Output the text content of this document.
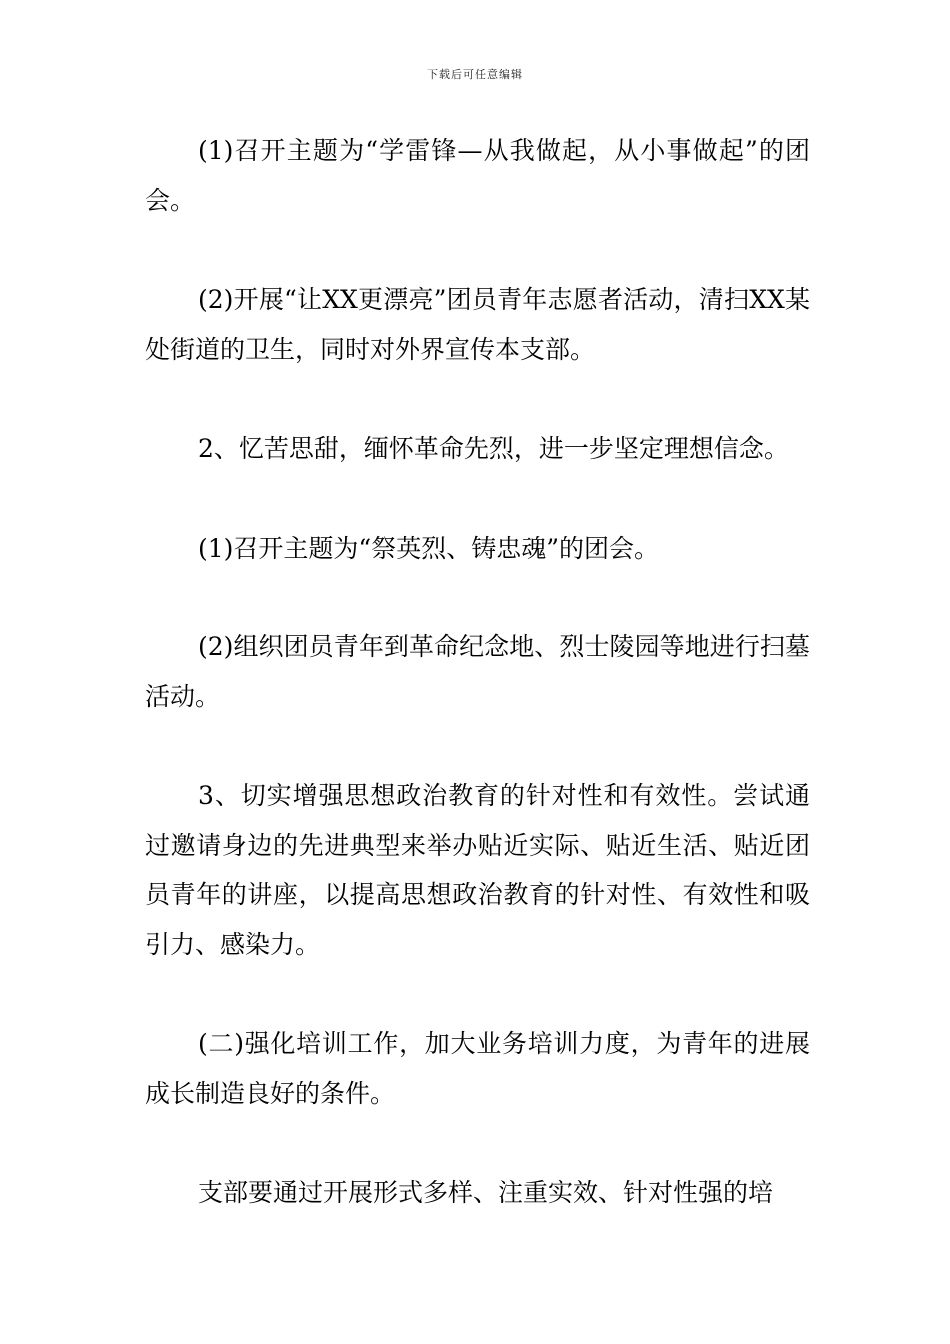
下载后可任意编辑

(1)召开主题为“学雷锋—从我做起，从小事做起”的团会。

(2)开展“让XX更漂亮”团员青年志愿者活动，清扫XX某处街道的卫生，同时对外界宣传本支部。

2、忆苦思甜，缅怀革命先烈，进一步坚定理想信念。

(1)召开主题为“祭英烈、铸忠魂”的团会。

(2)组织团员青年到革命纪念地、烈士陵园等地进行扫墓活动。

3、切实增强思想政治教育的针对性和有效性。尝试通过邀请身边的先进典型来举办贴近实际、贴近生活、贴近团员青年的讲座，以提高思想政治教育的针对性、有效性和吸引力、感染力。

(二)强化培训工作，加大业务培训力度，为青年的进展成长制造良好的条件。

支部要通过开展形式多样、注重实效、针对性强的培
